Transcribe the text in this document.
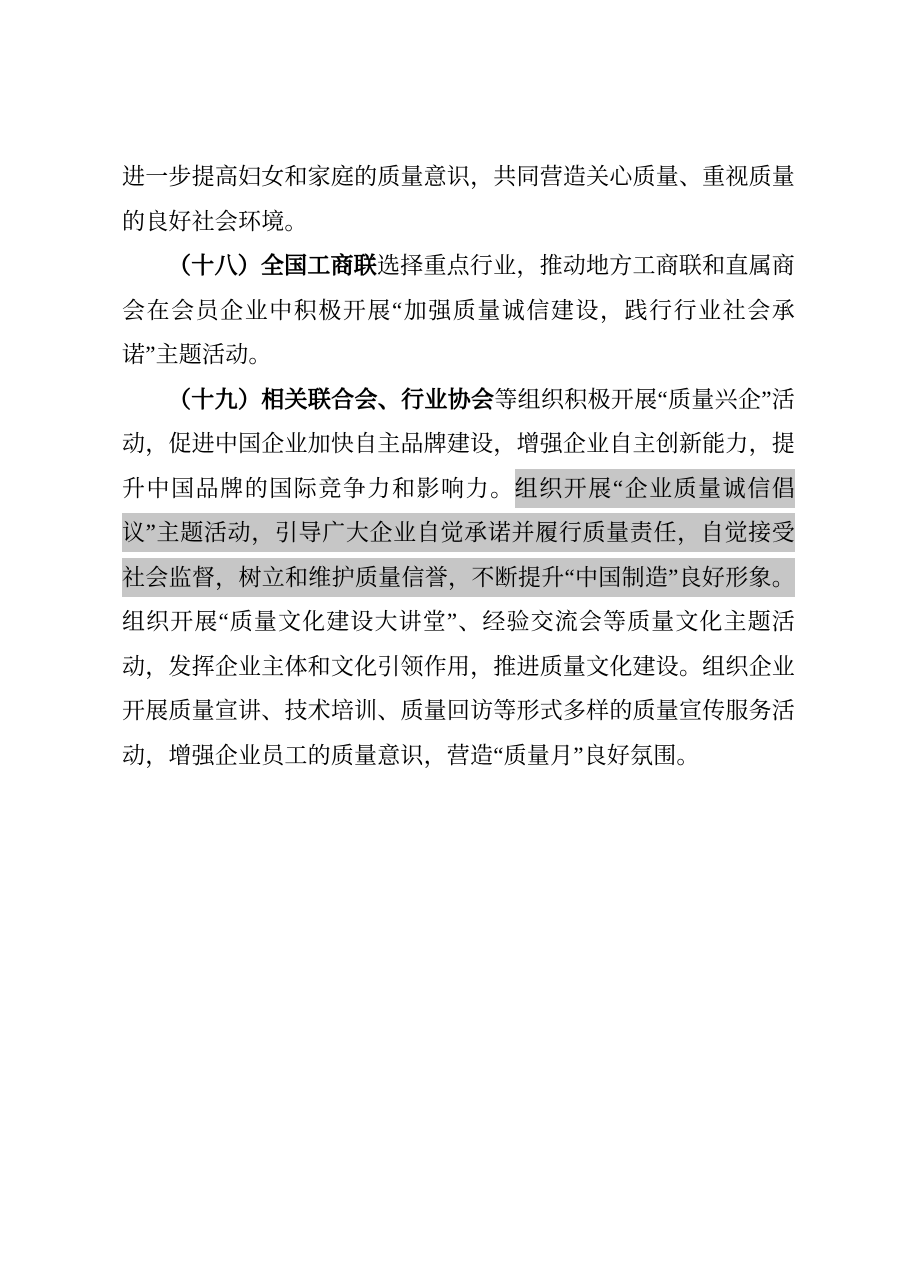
进一步提高妇女和家庭的质量意识，共同营造关心质量、重视质量的良好社会环境。

（十八）全国工商联选择重点行业，推动地方工商联和直属商会在会员企业中积极开展“加强质量诚信建设，践行行业社会承诺”主题活动。

（十九）相关联合会、行业协会等组织积极开展“质量兴企”活动，促进中国企业加快自主品牌建设，增强企业自主创新能力，提升中国品牌的国际竞争力和影响力。组织开展“企业质量诚信倡议”主题活动，引导广大企业自觉承诺并履行质量责任，自觉接受社会监督，树立和维护质量信誉，不断提升“中国制造”良好形象。组织开展“质量文化建设大讲堂”、经验交流会等质量文化主题活动，发挥企业主体和文化引领作用，推进质量文化建设。组织企业开展质量宣讲、技术培训、质量回访等形式多样的质量宣传服务活动，增强企业员工的质量意识，营造“质量月”良好氛围。
